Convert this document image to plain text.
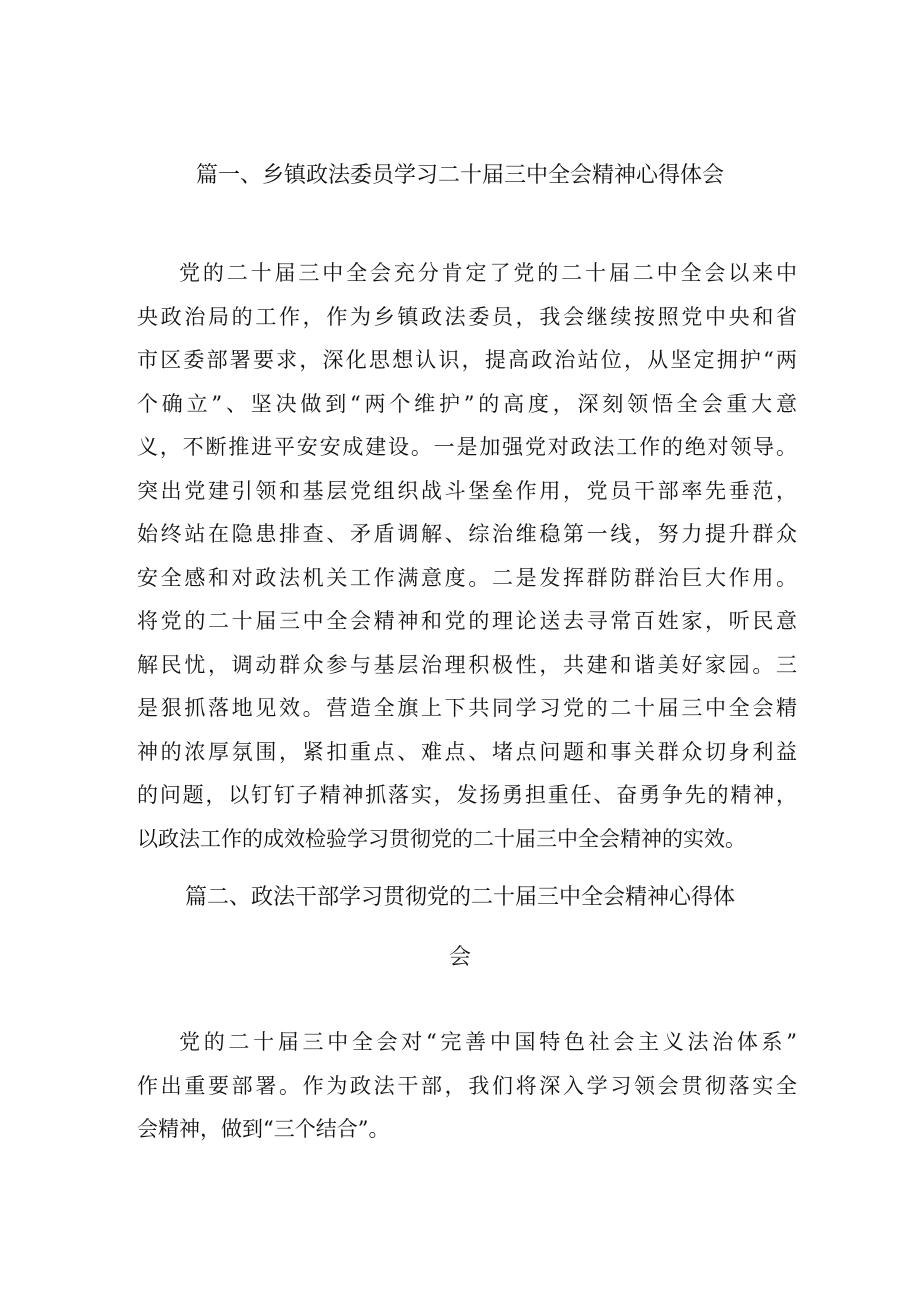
篇一、乡镇政法委员学习二十届三中全会精神心得体会
党的二十届三中全会充分肯定了党的二十届二中全会以来中
央政治局的工作，作为乡镇政法委员，我会继续按照党中央和省
市区委部署要求，深化思想认识，提高政治站位，从坚定拥护“两
个确立”、坚决做到“两个维护”的高度，深刻领悟全会重大意
义，不断推进平安安成建设。一是加强党对政法工作的绝对领导。
突出党建引领和基层党组织战斗堡垒作用，党员干部率先垂范，
始终站在隐患排查、矛盾调解、综治维稳第一线，努力提升群众
安全感和对政法机关工作满意度。二是发挥群防群治巨大作用。
将党的二十届三中全会精神和党的理论送去寻常百姓家，听民意
解民忧，调动群众参与基层治理积极性，共建和谐美好家园。三
是狠抓落地见效。营造全旗上下共同学习党的二十届三中全会精
神的浓厚氛围，紧扣重点、难点、堵点问题和事关群众切身利益
的问题，以钉钉子精神抓落实，发扬勇担重任、奋勇争先的精神，
以政法工作的成效检验学习贯彻党的二十届三中全会精神的实效。
篇二、政法干部学习贯彻党的二十届三中全会精神心得体
会
党的二十届三中全会对“完善中国特色社会主义法治体系”
作出重要部署。作为政法干部，我们将深入学习领会贯彻落实全
会精神，做到“三个结合”。
